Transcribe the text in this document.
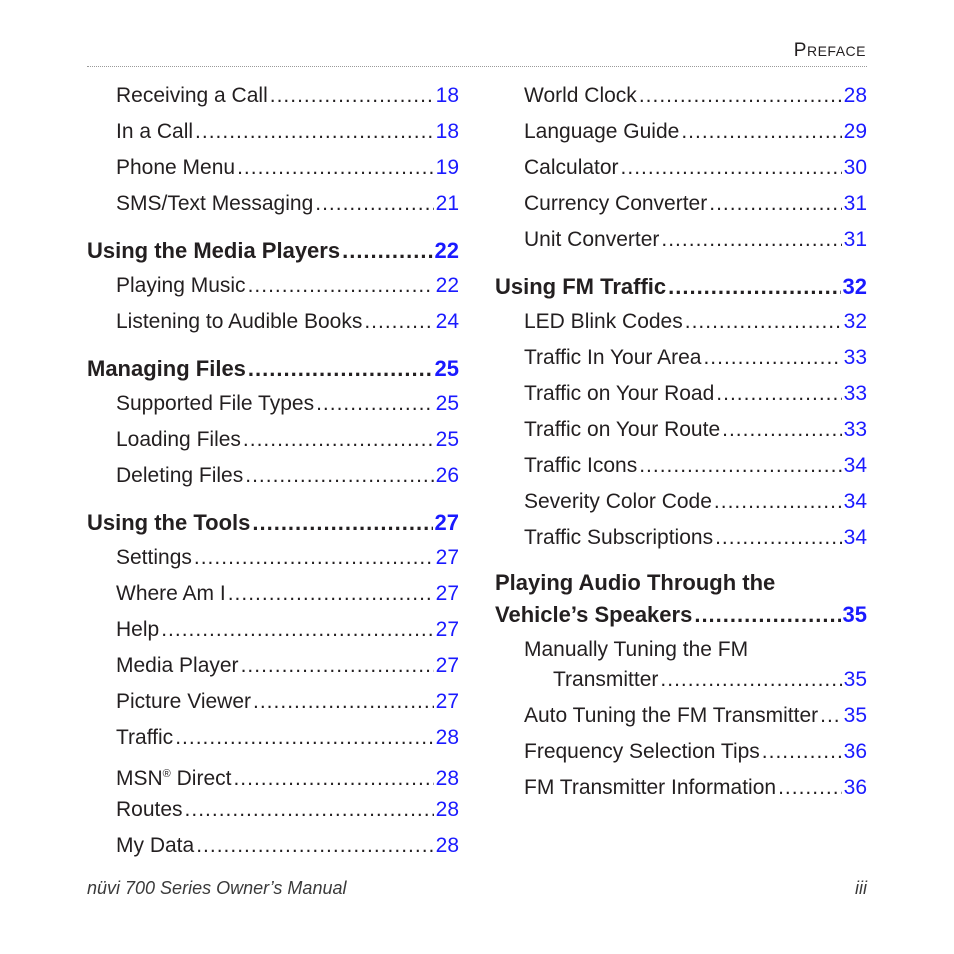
PREFACE
Receiving a Call .....	18
In a Call .....	18
Phone Menu .....	19
SMS/Text Messaging .....	21
Using the Media Players .....	22
Playing Music .....	22
Listening to Audible Books .....	24
Managing Files .....	25
Supported File Types .....	25
Loading Files .....	25
Deleting Files .....	26
Using the Tools .....	27
Settings .....	27
Where Am I .....	27
Help .....	27
Media Player .....	27
Picture Viewer .....	27
Traffic .....	28
MSN® Direct .....	28
Routes .....	28
My Data .....	28
World Clock .....	28
Language Guide .....	29
Calculator .....	30
Currency Converter .....	31
Unit Converter .....	31
Using FM Traffic .....	32
LED Blink Codes .....	32
Traffic In Your Area .....	33
Traffic on Your Road .....	33
Traffic on Your Route .....	33
Traffic Icons .....	34
Severity Color Code .....	34
Traffic Subscriptions .....	34
Playing Audio Through the
Vehicle’s Speakers .....	35
Manually Tuning the FM
Transmitter .....	35
Auto Tuning the FM Transmitter ..... 35
Frequency Selection Tips .....	36
FM Transmitter Information .....	36
nüvi 700 Series Owner’s Manual	iii
